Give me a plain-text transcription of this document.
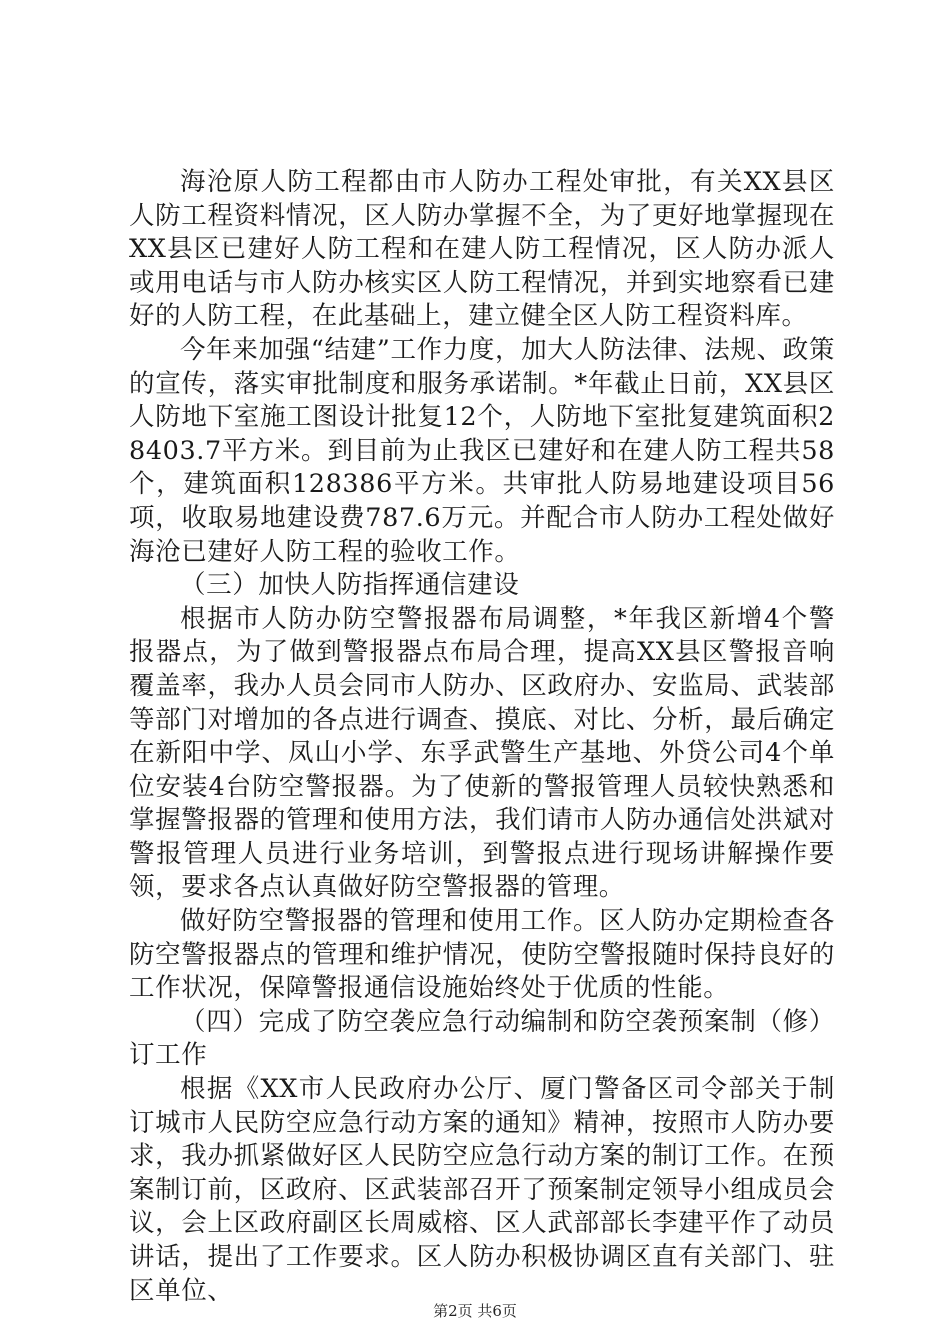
海沧原人防工程都由市人防办工程处审批，有关XX县区人防工程资料情况，区人防办掌握不全，为了更好地掌握现在XX县区已建好人防工程和在建人防工程情况，区人防办派人或用电话与市人防办核实区人防工程情况，并到实地察看已建好的人防工程，在此基础上，建立健全区人防工程资料库。

今年来加强“结建”工作力度，加大人防法律、法规、政策的宣传，落实审批制度和服务承诺制。*年截止日前，XX县区人防地下室施工图设计批复12个，人防地下室批复建筑面积28403.7平方米。到目前为止我区已建好和在建人防工程共58个，建筑面积128386平方米。共审批人防易地建设项目56项，收取易地建设费787.6万元。并配合市人防办工程处做好海沧已建好人防工程的验收工作。

（三）加快人防指挥通信建设

根据市人防办防空警报器布局调整，*年我区新增4个警报器点，为了做到警报器点布局合理，提高XX县区警报音响覆盖率，我办人员会同市人防办、区政府办、安监局、武装部等部门对增加的各点进行调查、摸底、对比、分析，最后确定在新阳中学、凤山小学、东孚武警生产基地、外贷公司4个单位安装4台防空警报器。为了使新的警报管理人员较快熟悉和掌握警报器的管理和使用方法，我们请市人防办通信处洪斌对警报管理人员进行业务培训，到警报点进行现场讲解操作要领，要求各点认真做好防空警报器的管理。

做好防空警报器的管理和使用工作。区人防办定期检查各防空警报器点的管理和维护情况，使防空警报随时保持良好的工作状况，保障警报通信设施始终处于优质的性能。

（四）完成了防空袭应急行动编制和防空袭预案制（修）订工作

根据《XX市人民政府办公厅、厦门警备区司令部关于制订城市人民防空应急行动方案的通知》精神，按照市人防办要求，我办抓紧做好区人民防空应急行动方案的制订工作。在预案制订前，区政府、区武装部召开了预案制定领导小组成员会议，会上区政府副区长周威榕、区人武部部长李建平作了动员讲话，提出了工作要求。区人防办积极协调区直有关部门、驻区单位、

第2页 共6页
